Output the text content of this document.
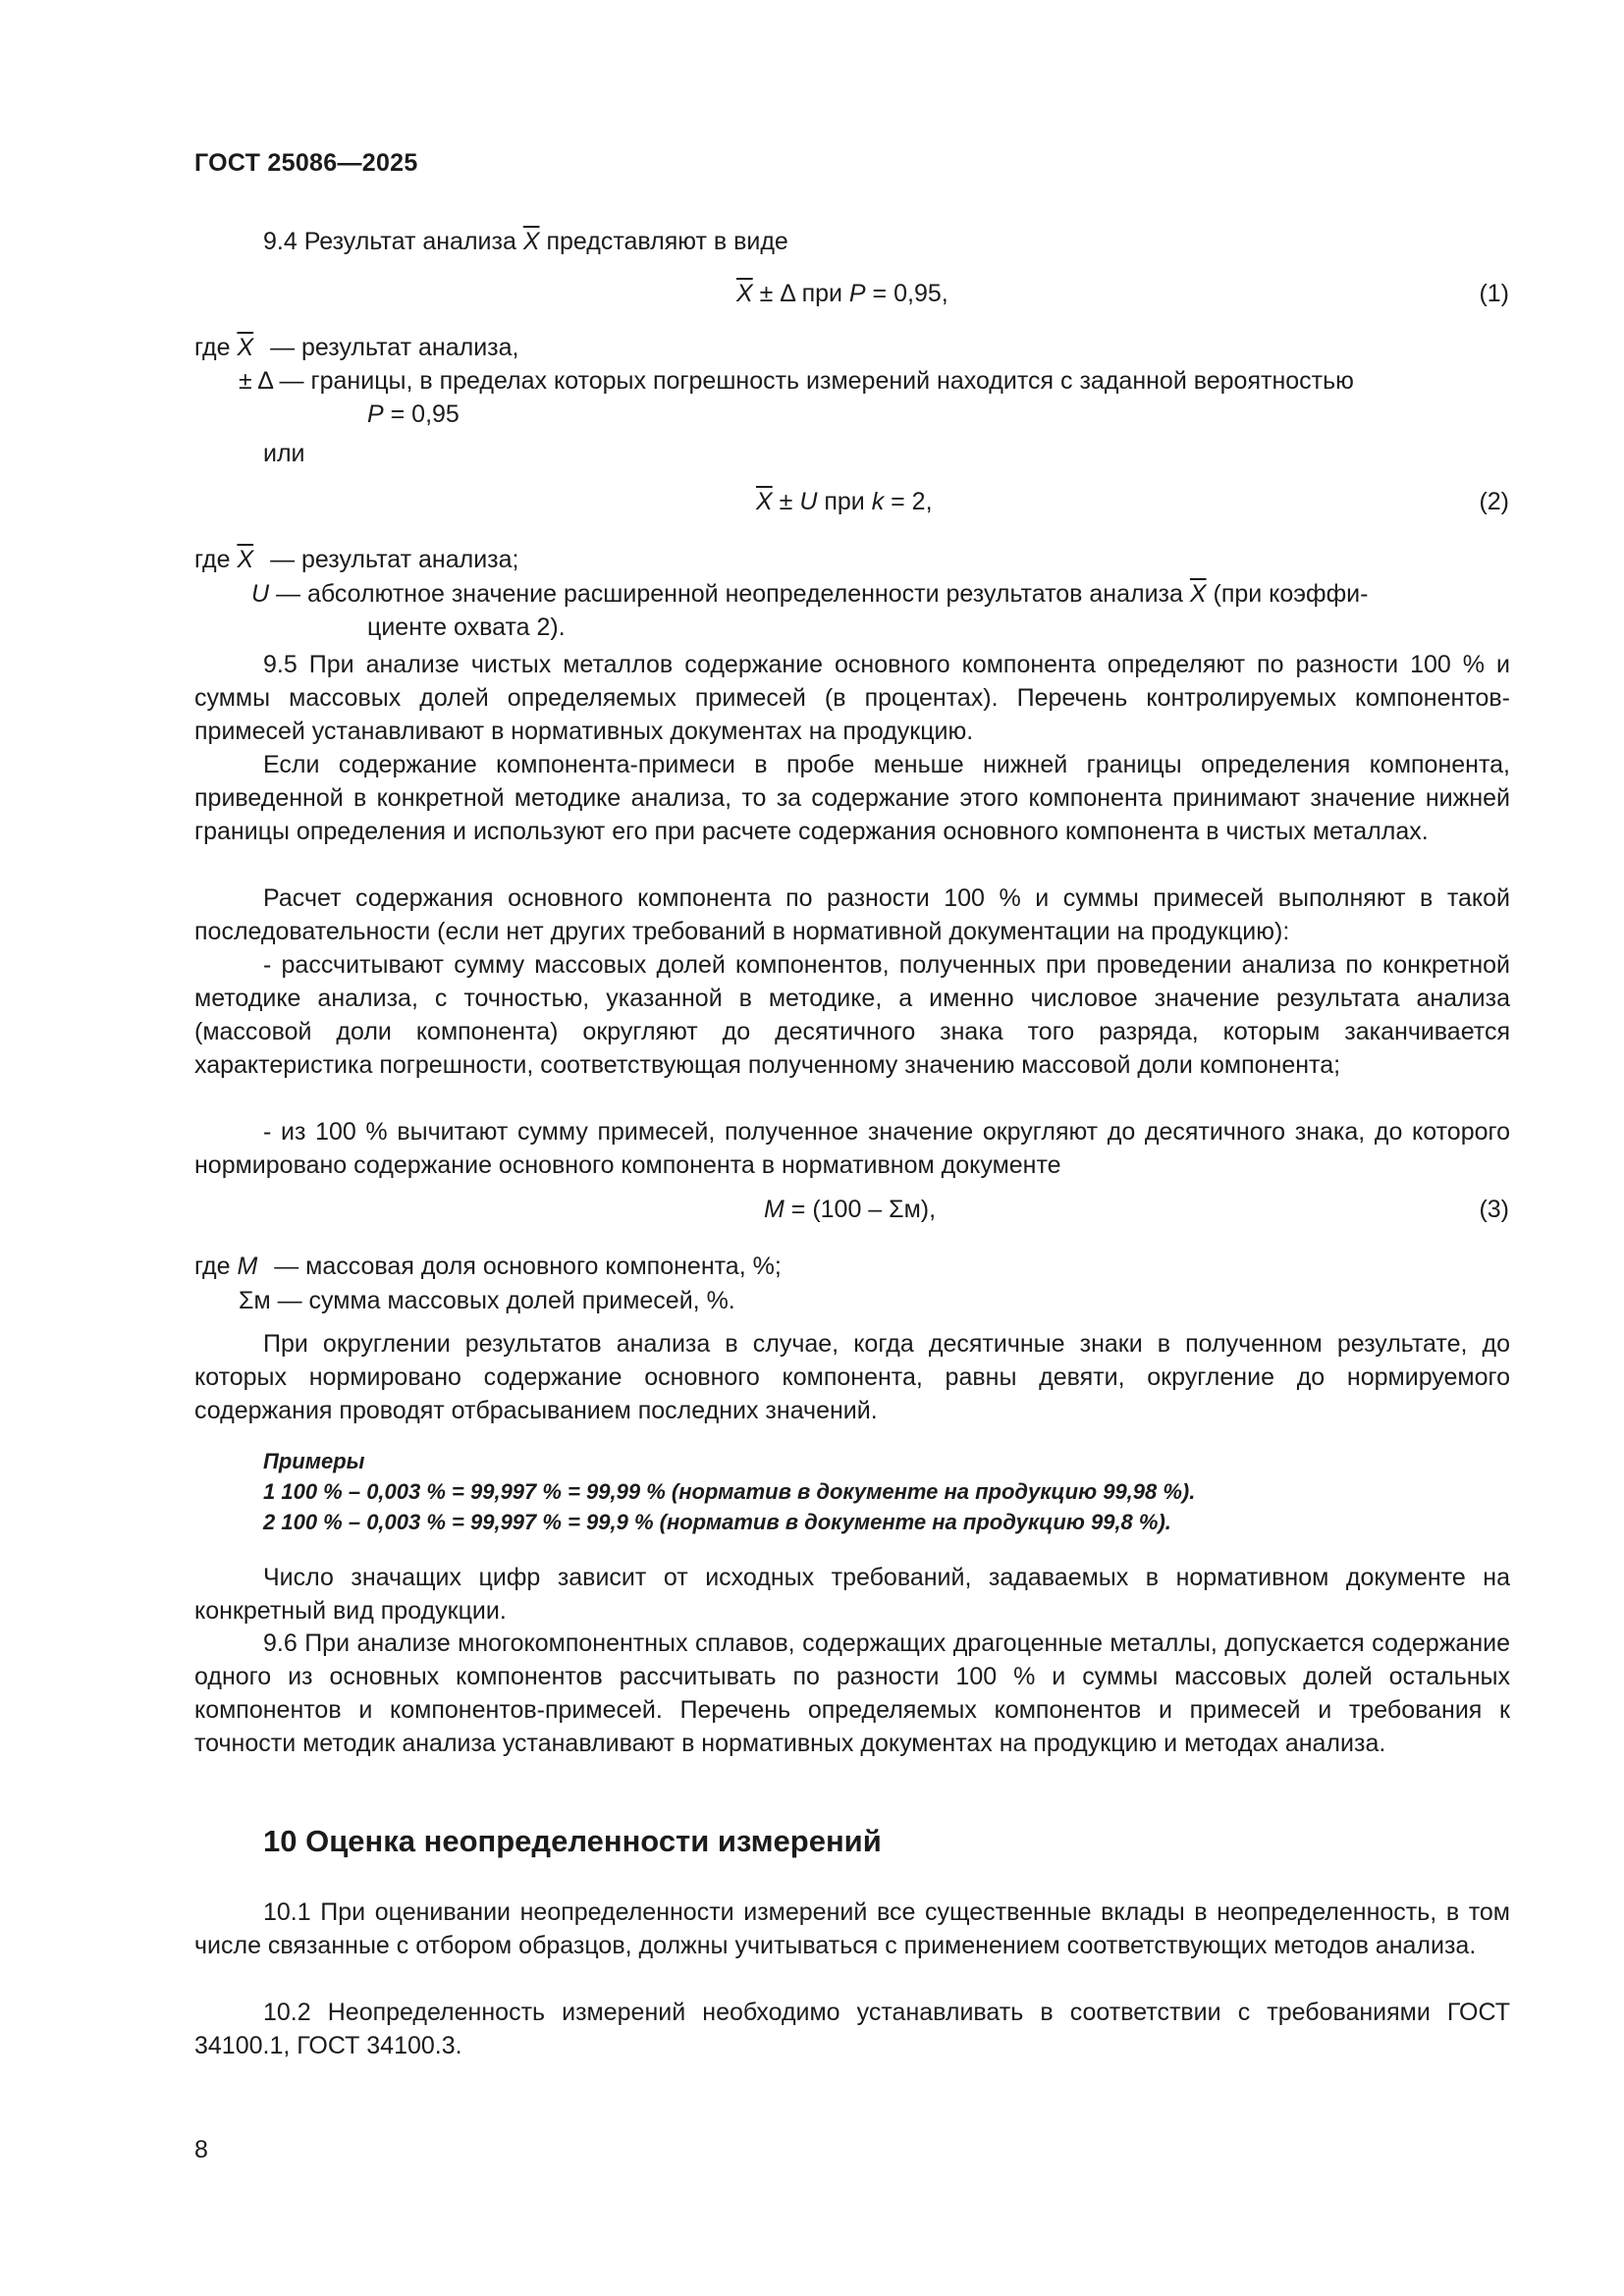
ГОСТ 25086—2025
9.4 Результат анализа $\overline{X}$ представляют в виде
$\overline{X} \pm \Delta$ при P = 0,95,	(1)
где $\overline{X}$ — результат анализа,
± Δ — границы, в пределах которых погрешность измерений находится с заданной вероятностью
P = 0,95
или
$\overline{X} \pm U$ при k = 2,	(2)
где $\overline{X}$ — результат анализа;
U — абсолютное значение расширенной неопределенности результатов анализа $\overline{X}$ (при коэффи-
циенте охвата 2).
9.5 При анализе чистых металлов содержание основного компонента определяют по разности 100 % и суммы массовых долей определяемых примесей (в процентах). Перечень контролируемых компонентов-примесей устанавливают в нормативных документах на продукцию.
Если содержание компонента-примеси в пробе меньше нижней границы определения компонента, приведенной в конкретной методике анализа, то за содержание этого компонента принимают значение нижней границы определения и используют его при расчете содержания основного компонента в чистых металлах.
Расчет содержания основного компонента по разности 100 % и суммы примесей выполняют в такой последовательности (если нет других требований в нормативной документации на продукцию):
- рассчитывают сумму массовых долей компонентов, полученных при проведении анализа по конкретной методике анализа, с точностью, указанной в методике, а именно числовое значение результата анализа (массовой доли компонента) округляют до десятичного знака того разряда, которым заканчивается характеристика погрешности, соответствующая полученному значению массовой доли компонента;
- из 100 % вычитают сумму примесей, полученное значение округляют до десятичного знака, до которого нормировано содержание основного компонента в нормативном документе
M = (100 – Σм),	(3)
где M — массовая доля основного компонента, %;
Σм — сумма массовых долей примесей, %.
При округлении результатов анализа в случае, когда десятичные знаки в полученном результате, до которых нормировано содержание основного компонента, равны девяти, округление до нормируемого содержания проводят отбрасыванием последних значений.
Примеры
1 100 % – 0,003 % = 99,997 % = 99,99 % (норматив в документе на продукцию 99,98 %).
2 100 % – 0,003 % = 99,997 % = 99,9 % (норматив в документе на продукцию 99,8 %).
Число значащих цифр зависит от исходных требований, задаваемых в нормативном документе на конкретный вид продукции.
9.6 При анализе многокомпонентных сплавов, содержащих драгоценные металлы, допускается содержание одного из основных компонентов рассчитывать по разности 100 % и суммы массовых долей остальных компонентов и компонентов-примесей. Перечень определяемых компонентов и примесей и требования к точности методик анализа устанавливают в нормативных документах на продукцию и методах анализа.
10 Оценка неопределенности измерений
10.1 При оценивании неопределенности измерений все существенные вклады в неопределенность, в том числе связанные с отбором образцов, должны учитываться с применением соответствующих методов анализа.
10.2 Неопределенность измерений необходимо устанавливать в соответствии с требованиями ГОСТ 34100.1, ГОСТ 34100.3.
8
